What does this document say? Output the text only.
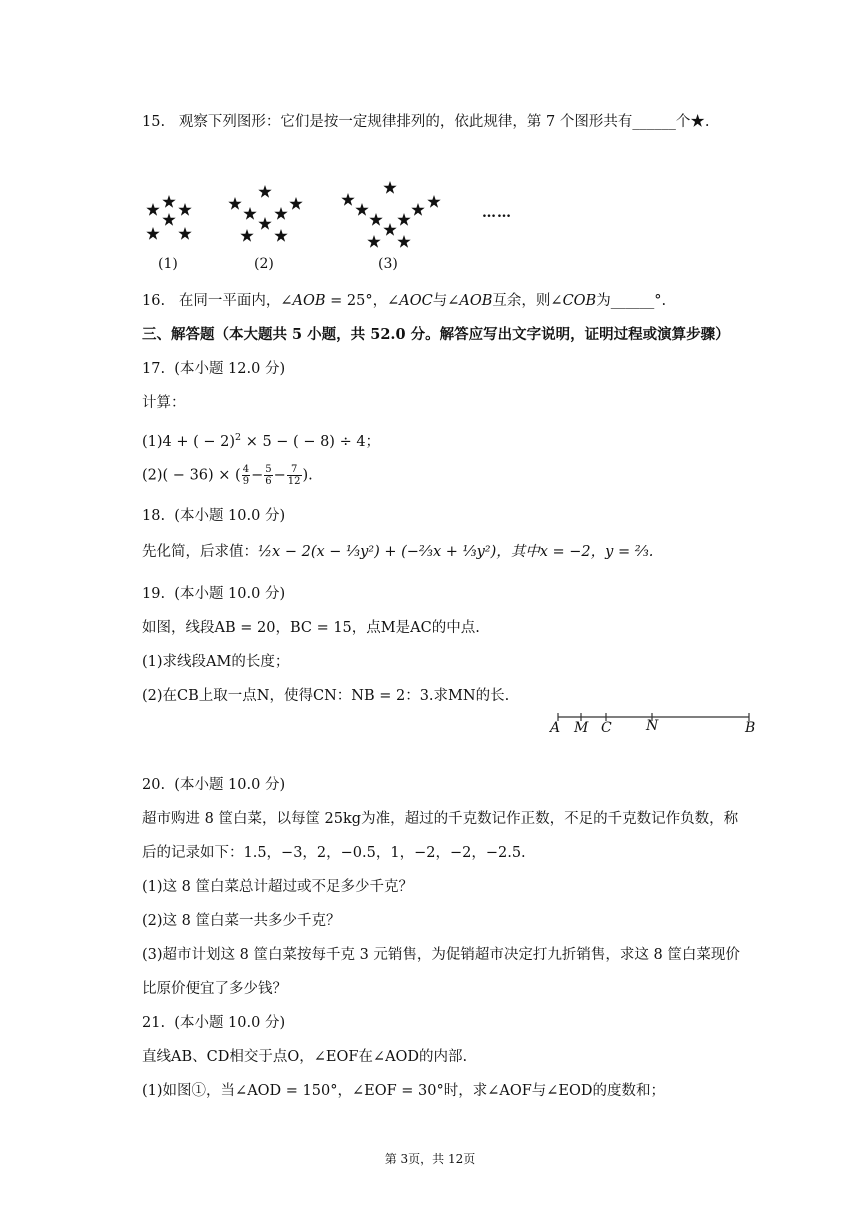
15. 观察下列图形：它们是按一定规律排列的，依此规律，第 7 个图形共有______个★.
……
(1)	(2)	(3)
16. 在同一平面内，∠AOB = 25°，∠AOC与∠AOB互余，则∠COB为______°.
三、解答题（本大题共 5 小题，共 52.0 分。解答应写出文字说明，证明过程或演算步骤）
17. (本小题 12.0 分)
计算：
(1)4 + ( − 2)$^2$ × 5 − ( − 8) ÷ 4；
(2)( − 36) × ( $\frac{4}{9} - \frac{5}{6} - \frac{7}{12}$ ).
18. (本小题 10.0 分)
先化简，后求值：½x − 2(x − ⅓y²) + (−⅔x + ⅓y²)，其中x = −2，y = ⅔.
19. (本小题 10.0 分)
如图，线段AB = 20，BC = 15，点M是AC的中点.
(1)求线段AM的长度；
(2)在CB上取一点N，使得CN：NB = 2：3.求MN的长.
A M C N	B
20. (本小题 10.0 分)
超市购进 8 筐白菜，以每筐 25kg为准，超过的千克数记作正数，不足的千克数记作负数，称
后的记录如下：1.5，−3，2，−0.5，1，−2，−2，−2.5.
(1)这 8 筐白菜总计超过或不足多少千克？
(2)这 8 筐白菜一共多少千克？
(3)超市计划这 8 筐白菜按每千克 3 元销售，为促销超市决定打九折销售，求这 8 筐白菜现价
比原价便宜了多少钱？
21. (本小题 10.0 分)
直线AB、CD相交于点O，∠EOF在∠AOD的内部.
(1)如图①，当∠AOD = 150°，∠EOF = 30°时，求∠AOF与∠EOD的度数和；
第 3页，共 12页
